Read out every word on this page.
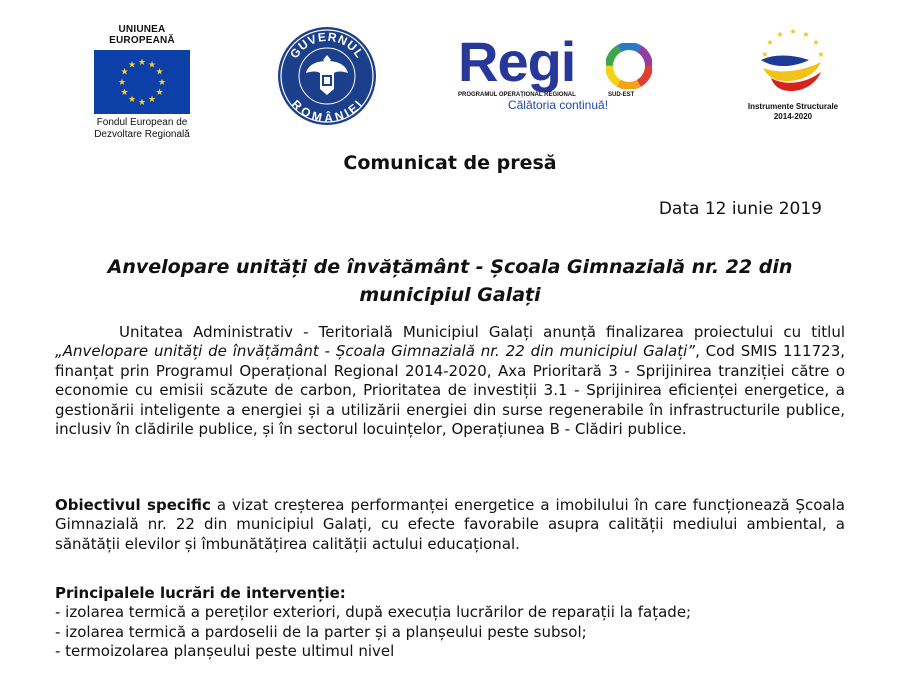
UNIUNEA EUROPEANĂ
★ ★
★
★
★
★
★
★
★
★
★
★
Fondul European de
Dezvoltare Regională
GUVERNUL
ROMÂNIEI
Regi
PROGRAMUL OPERAȚIONAL REGIONAL	SUD-EST
Călătoria continuă!
★ ★
★
★
★
★
★
Instrumente Structurale
2014-2020
Comunicat de presă
Data 12 iunie 2019
Anvelopare unități de învățământ - Școala Gimnazială nr. 22 din
municipiul Galați
Unitatea Administrativ - Teritorială Municipiul Galați anunță finalizarea proiectului cu titlul „Anvelopare unități de învățământ - Școala Gimnazială nr. 22 din municipiul Galați”, Cod SMIS 111723, finanțat prin Programul Operațional Regional 2014-2020, Axa Prioritară 3 - Sprijinirea tranziției către o economie cu emisii scăzute de carbon, Prioritatea de investiții 3.1 - Sprijinirea eficienței energetice, a gestionării inteligente a energiei și a utilizării energiei din surse regenerabile în infrastructurile publice, inclusiv în clădirile publice, și în sectorul locuințelor, Operațiunea B - Clădiri publice.
Obiectivul specific a vizat creșterea performanței energetice a imobilului în care funcționează Școala Gimnazială nr. 22 din municipiul Galați, cu efecte favorabile asupra calității mediului ambiental, a sănătății elevilor și îmbunătățirea calității actului educațional.
Principalele lucrări de intervenție:
- izolarea termică a pereților exteriori, după execuția lucrărilor de reparații la fațade;
- izolarea termică a pardoselii de la parter și a planșeului peste subsol;
- termoizolarea planșeului peste ultimul nivel
